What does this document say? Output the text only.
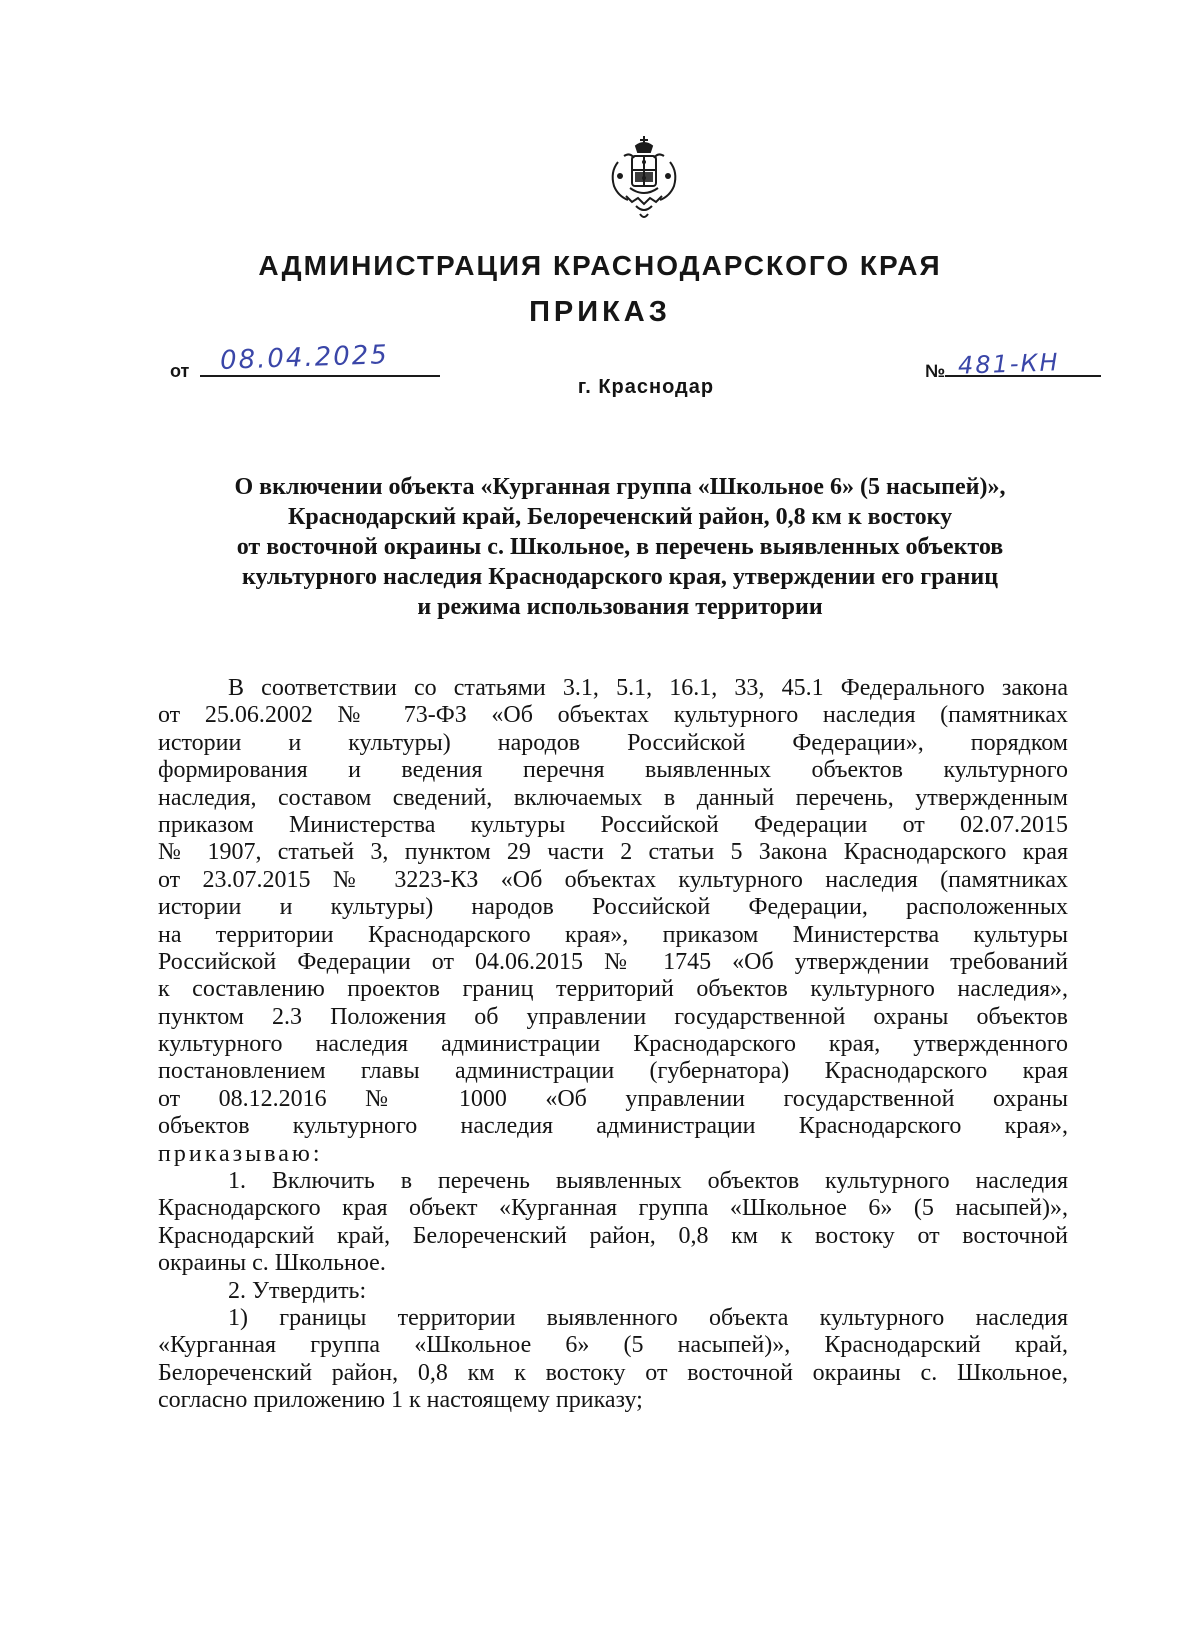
АДМИНИСТРАЦИЯ КРАСНОДАРСКОГО КРАЯ
ПРИКАЗ
от 08.04.2025	№ 481-КН
г. Краснодар
О включении объекта «Курганная группа «Школьное 6» (5 насыпей)»,
Краснодарский край, Белореченский район, 0,8 км к востоку
от восточной окраины с. Школьное, в перечень выявленных объектов
культурного наследия Краснодарского края, утверждении его границ
и режима использования территории
В соответствии со статьями 3.1, 5.1, 16.1, 33, 45.1 Федерального закона
от 25.06.2002 № 73-ФЗ «Об объектах культурного наследия (памятниках
истории и культуры) народов Российской Федерации», порядком
формирования и ведения перечня выявленных объектов культурного
наследия, составом сведений, включаемых в данный перечень, утвержденным
приказом Министерства культуры Российской Федерации от 02.07.2015
№ 1907, статьей 3, пунктом 29 части 2 статьи 5 Закона Краснодарского края
от 23.07.2015 № 3223-КЗ «Об объектах культурного наследия (памятниках
истории и культуры) народов Российской Федерации, расположенных
на территории Краснодарского края», приказом Министерства культуры
Российской Федерации от 04.06.2015 № 1745 «Об утверждении требований
к составлению проектов границ территорий объектов культурного наследия»,
пунктом 2.3 Положения об управлении государственной охраны объектов
культурного наследия администрации Краснодарского края, утвержденного
постановлением главы администрации (губернатора) Краснодарского края
от 08.12.2016 № 1000 «Об управлении государственной охраны
объектов культурного наследия администрации Краснодарского края»,
приказываю:
1. Включить в перечень выявленных объектов культурного наследия
Краснодарского края объект «Курганная группа «Школьное 6» (5 насыпей)»,
Краснодарский край, Белореченский район, 0,8 км к востоку от восточной
окраины с. Школьное.
2. Утвердить:
1) границы территории выявленного объекта культурного наследия
«Курганная группа «Школьное 6» (5 насыпей)», Краснодарский край,
Белореченский район, 0,8 км к востоку от восточной окраины с. Школьное,
согласно приложению 1 к настоящему приказу;
